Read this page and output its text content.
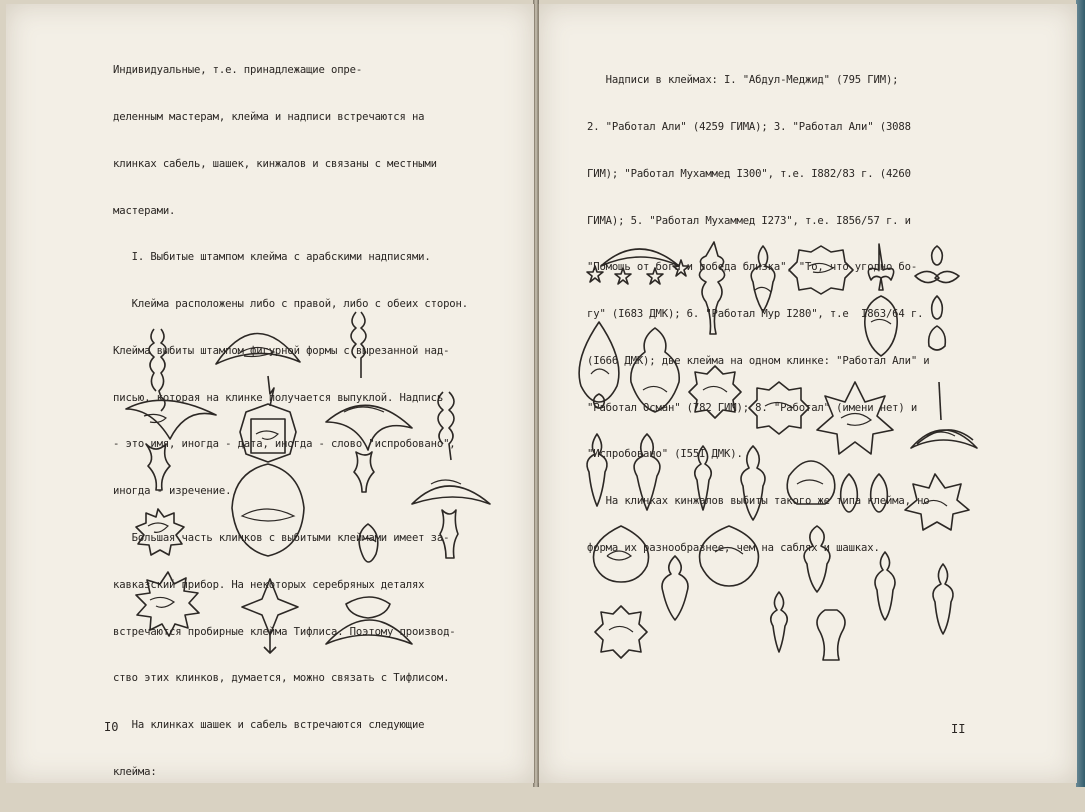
Индивидуальные, т.е. принадлежащие опре-

деленным мастерам, клейма и надписи встречаются на

клинках сабель, шашек, кинжалов и связаны с местными

мастерами.

I. Выбитые штампом клейма с арабскими надписями.

Клейма расположены либо с правой, либо с обеих сторон.

Клейма выбиты штампом фигурной формы с вырезанной над-

писью, которая на клинке получается выпуклой. Надпись

- это имя, иногда - дата, иногда - слово "испробовано",

иногда - изречение.

Большая часть клинков с выбитыми клеймами имеет за-

кавказский прибор. На некоторых серебряных деталях

встречаются пробирные клейма Тифлиса. Поэтому производ-

ство этих клинков, думается, можно связать с Тифлисом.

На клинках шашек и сабель встречаются следующие

клейма:

I0

Надписи в клеймах: I. "Абдул-Меджид" (795 ГИМ);

2. "Работал Али" (4259 ГИМА); 3. "Работал Али" (3088

ГИМ); "Работал Мухаммед I300", т.е. I882/83 г. (4260

ГИМА); 5. "Работал Мухаммед I273", т.е. I856/57 г. и

"Помощь от бога и победа близка", "То, что угодно бо-

гу" (I683 ДМК); 6. "Работал Мур I280", т.е  I863/64 г.

(I666 ДМК); две клейма на одном клинке: "Работал Али" и

"Работал Осман" (782 ГИМ); 8. "Работал" (имени нет) и

"Испробовано" (I55I ДМК).

На клинках кинжалов выбиты такого же типа клейма, но

форма их разнообразнее, чем на саблях и шашках.

II
